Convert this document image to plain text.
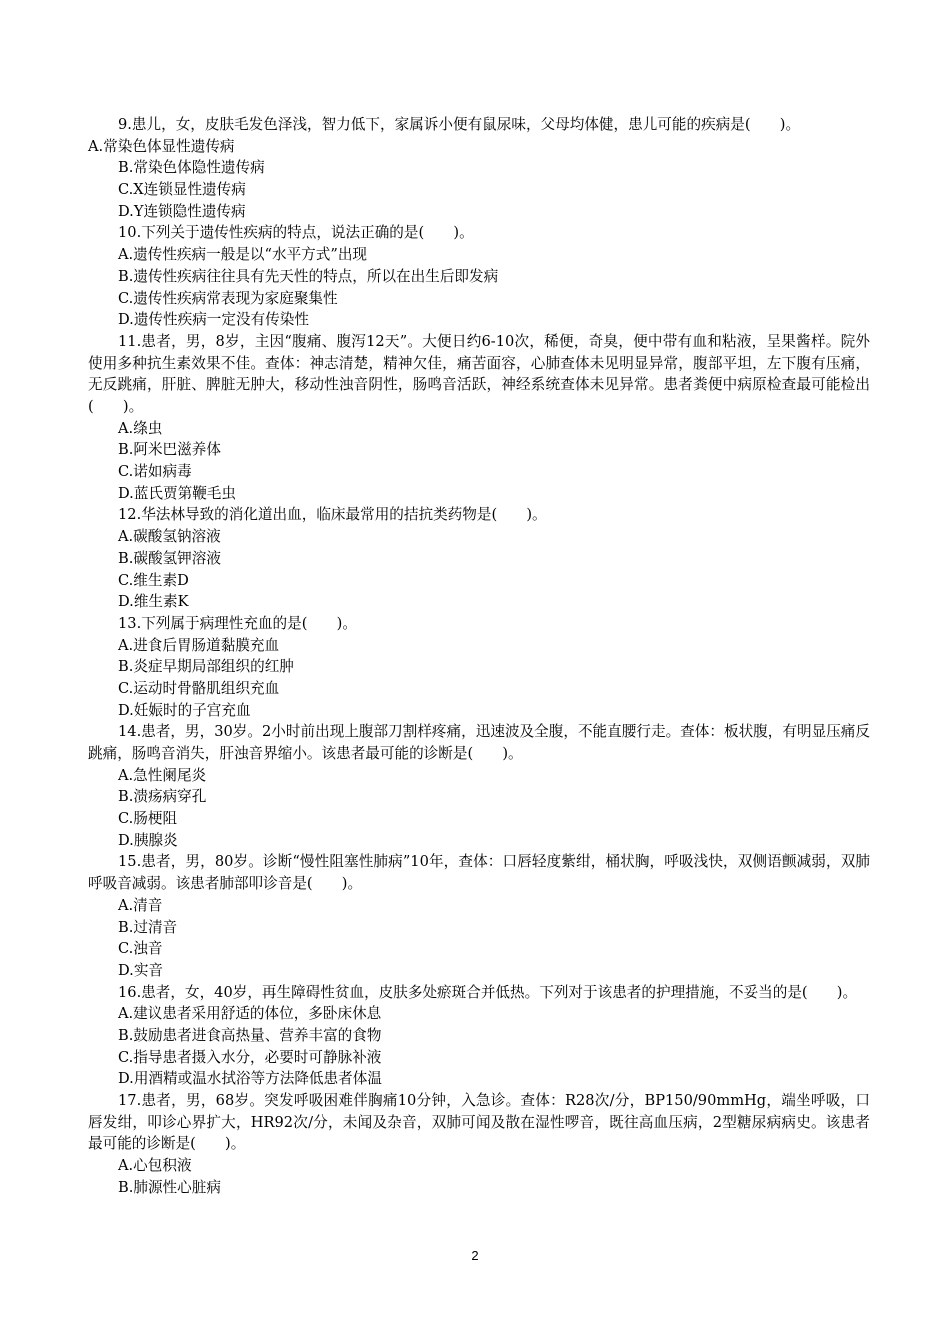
9.患儿，女，皮肤毛发色泽浅，智力低下，家属诉小便有鼠尿味，父母均体健，患儿可能的疾病是(　　)。
A.常染色体显性遗传病
B.常染色体隐性遗传病
C.X连锁显性遗传病
D.Y连锁隐性遗传病
10.下列关于遗传性疾病的特点，说法正确的是(　　)。
A.遗传性疾病一般是以“水平方式”出现
B.遗传性疾病往往具有先天性的特点，所以在出生后即发病
C.遗传性疾病常表现为家庭聚集性
D.遗传性疾病一定没有传染性
11.患者，男，8岁，主因“腹痛、腹泻12天”。大便日约6-10次，稀便，奇臭，便中带有血和粘液，呈果酱样。院外使用多种抗生素效果不佳。查体：神志清楚，精神欠佳，痛苦面容，心肺查体未见明显异常，腹部平坦，左下腹有压痛，无反跳痛，肝脏、脾脏无肿大，移动性浊音阴性，肠鸣音活跃，神经系统查体未见异常。患者粪便中病原检查最可能检出(　　)。
A.绦虫
B.阿米巴滋养体
C.诺如病毒
D.蓝氏贾第鞭毛虫
12.华法林导致的消化道出血，临床最常用的拮抗类药物是(　　)。
A.碳酸氢钠溶液
B.碳酸氢钾溶液
C.维生素D
D.维生素K
13.下列属于病理性充血的是(　　)。
A.进食后胃肠道黏膜充血
B.炎症早期局部组织的红肿
C.运动时骨骼肌组织充血
D.妊娠时的子宫充血
14.患者，男，30岁。2小时前出现上腹部刀割样疼痛，迅速波及全腹，不能直腰行走。查体：板状腹，有明显压痛反跳痛，肠鸣音消失，肝浊音界缩小。该患者最可能的诊断是(　　)。
A.急性阑尾炎
B.溃疡病穿孔
C.肠梗阻
D.胰腺炎
15.患者，男，80岁。诊断“慢性阻塞性肺病”10年，查体：口唇轻度紫绀，桶状胸，呼吸浅快，双侧语颤减弱，双肺呼吸音减弱。该患者肺部叩诊音是(　　)。
A.清音
B.过清音
C.浊音
D.实音
16.患者，女，40岁，再生障碍性贫血，皮肤多处瘀斑合并低热。下列对于该患者的护理措施，不妥当的是(　　)。
A.建议患者采用舒适的体位，多卧床休息
B.鼓励患者进食高热量、营养丰富的食物
C.指导患者摄入水分，必要时可静脉补液
D.用酒精或温水拭浴等方法降低患者体温
17.患者，男，68岁。突发呼吸困难伴胸痛10分钟，入急诊。查体：R28次/分，BP150/90mmHg，端坐呼吸，口唇发绀，叩诊心界扩大，HR92次/分，未闻及杂音，双肺可闻及散在湿性啰音，既往高血压病，2型糖尿病病史。该患者最可能的诊断是(　　)。
A.心包积液
B.肺源性心脏病
2
